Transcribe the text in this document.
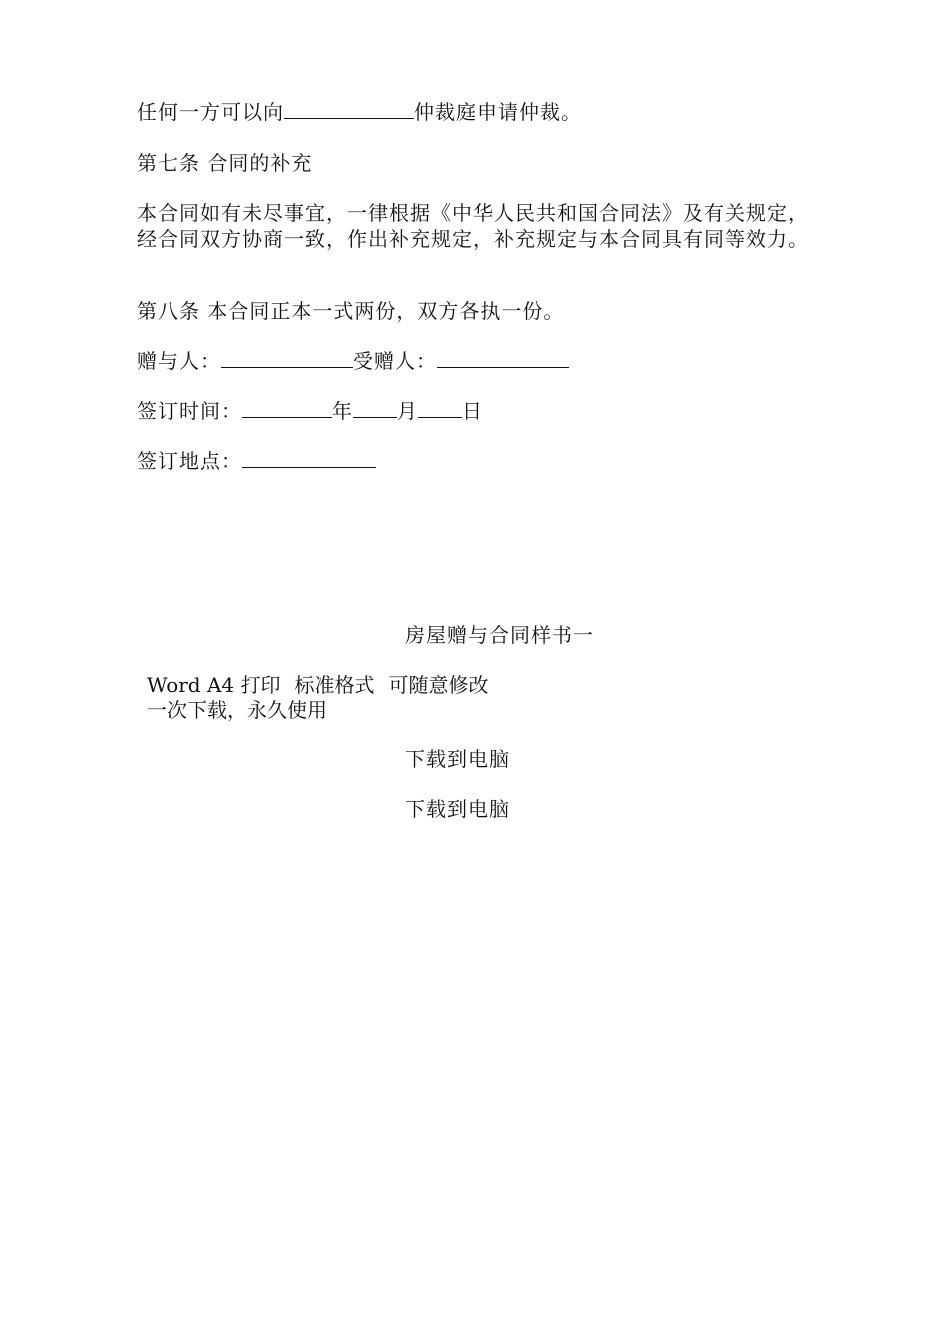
任何一方可以向	仲裁庭申请仲裁。
第七条 合同的补充
本合同如有未尽事宜，一律根据《中华人民共和国合同法》及有关规定，经合同双方协商一致，作出补充规定，补充规定与本合同具有同等效力。
第八条 本合同正本一式两份，双方各执一份。
赠与人：	受赠人：
签订时间：	年 月 日
签订地点：
房屋赠与合同样书一
Word A4 打印 标准格式 可随意修改
一次下载，永久使用
下载到电脑
下载到电脑
